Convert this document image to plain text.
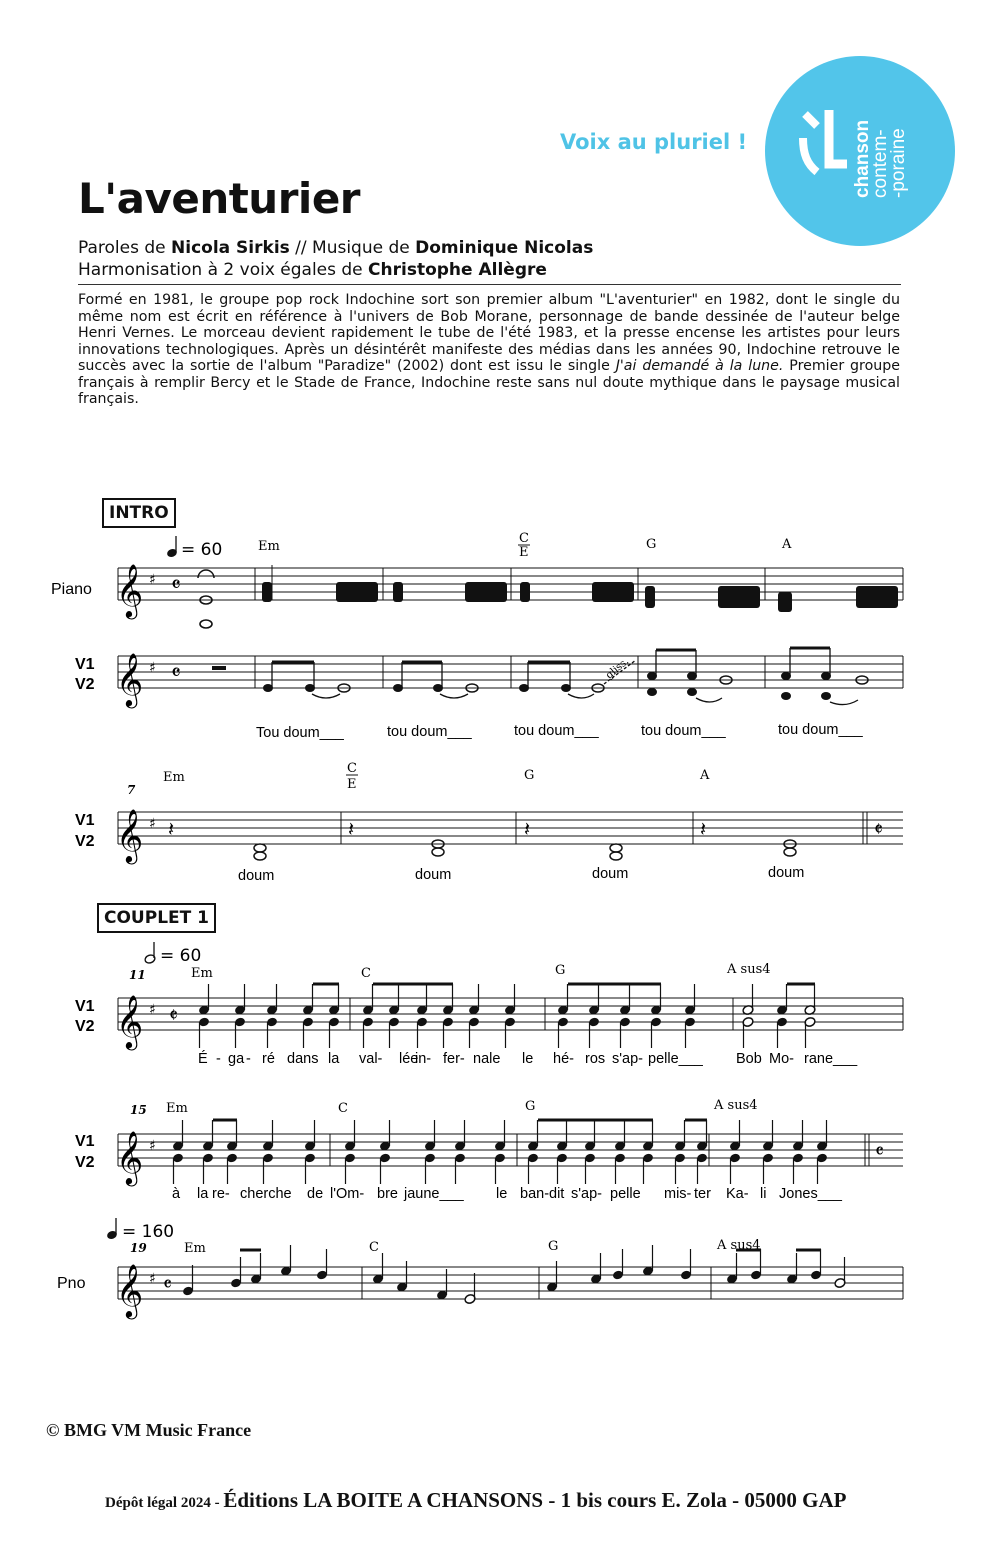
Voix au pluriel !	chanson
contem-
-poraine
L'aventurier
Paroles de Nicola Sirkis // Musique de Dominique Nicolas
Harmonisation à 2 voix égales de Christophe Allègre
Formé en 1981, le groupe pop rock Indochine sort son premier album "L'aventurier" en 1982, dont le single du même nom est écrit en référence à l'univers de Bob Morane, personnage de bande dessinée de l'auteur belge Henri Vernes. Le morceau devient rapidement le tube de l'été 1983, et la presse encense les artistes pour leurs innovations technologiques. Après un désintérêt manifeste des médias dans les années 90, Indochine retrouve le succès avec la sortie de l'album "Paradize" (2002) dont est issu le single J'ai demandé à la lune. Premier groupe français à remplir Bercy et le Stade de France, Indochine reste sans nul doute mythique dans le paysage musical français.
INTRO
COUPLET 1
= 60
= 60
= 160
Piano
V1
V2
Em
C
E
G	A
𝄞 ♯ 𝄴
𝄞 ♯ 𝄴	gliss.
Tou doum___	tou doum___	tou doum___	tou doum___	tou doum___
Em
C
E
G	A
7
V1
V2 𝄞 ♯	𝄵
𝄽	𝄽	𝄽	𝄽
doum	doum	doum	doum
11	Em	C	G	A sus4
V1
V2 𝄞 ♯ 𝄵
É - ga - ré dans la val- lée
in- fer- nale le hé- ros s'ap- pelle___ Bob Mo- rane___
15 Em	C	G	A sus4
V1
V2 𝄞 ♯	𝄴
à la re- cherche de l'Om- bre jaune___ le ban- dit s'ap- pelle mis- ter Ka- li Jones___
19	Em	C	G	A sus4
Pno 𝄞 ♯ 𝄴
© BMG VM Music France
Dépôt légal 2024 - Éditions LA BOITE A CHANSONS - 1 bis cours E. Zola - 05000 GAP
